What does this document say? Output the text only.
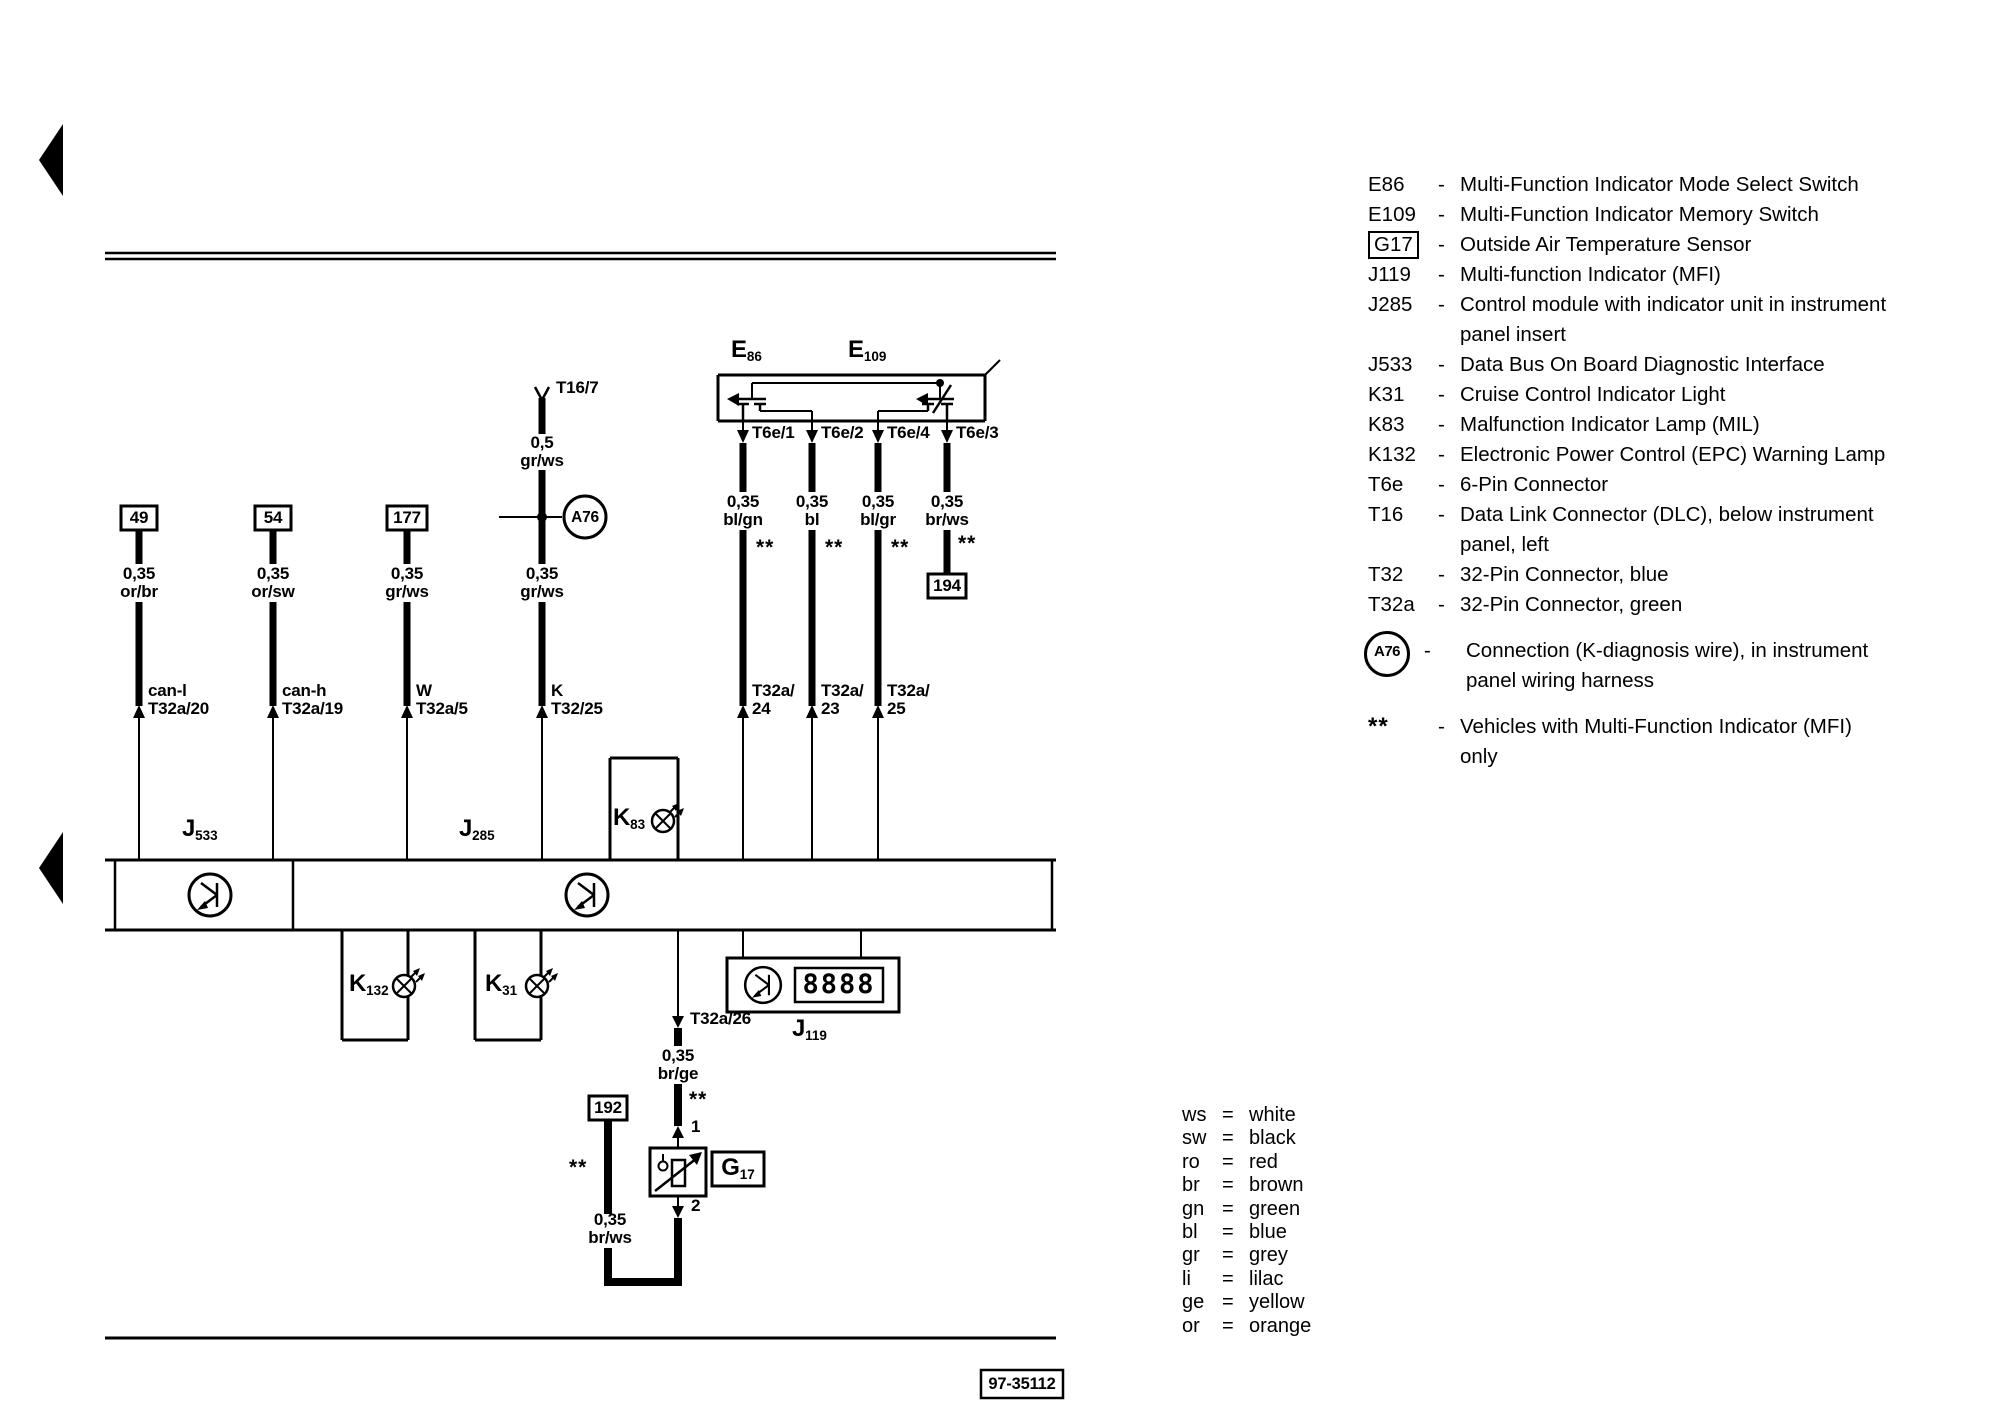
49	54	177
0,35
or/br
0,35
or/sw
0,35
gr/ws
T16/7
0,5
gr/ws
A76
0,35
gr/ws
can-l
T32a/20
can-h
T32a/19
W
T32a/5
K
T32/25
$E_{86}$	$E_{109}$
T6e/1 T6e/2 T6e/4 T6e/3
0,35
bl/gn
0,35
bl
0,35
bl/gr
0,35
br/ws
** ** ** **
T32a/
24
T32a/
23
T32a/
25
194
$J_{533}$	$J_{285}$
$K_{83}$
$K_{132}$	$K_{31}$
$J_{119}$
8888
T32a/26
0,35
br/ge
**
1
2
$G_{17}$
**
0,35
br/ws
192
97-35112
E86	- Multi-Function Indicator Mode Select Switch
E109	- Multi-Function Indicator Memory Switch
G17	- Outside Air Temperature Sensor
J119	- Multi-function Indicator (MFI)
J285	- Control module with indicator unit in instrument
panel insert
J533	- Data Bus On Board Diagnostic Interface
K31	- Cruise Control Indicator Light
K83	- Malfunction Indicator Lamp (MIL)
K132	- Electronic Power Control (EPC) Warning Lamp
T6e	- 6-Pin Connector
T16	- Data Link Connector (DLC), below instrument
panel, left
T32	- 32-Pin Connector, blue
T32a	- 32-Pin Connector, green
A76	-	Connection (K-diagnosis wire), in instrument
panel wiring harness
**	- Vehicles with Multi-Function Indicator (MFI)
only
ws = white
sw = black
ro	= red
br	= brown
gn = green
bl	= blue
gr	= grey
li	= lilac
ge = yellow
or	= orange
